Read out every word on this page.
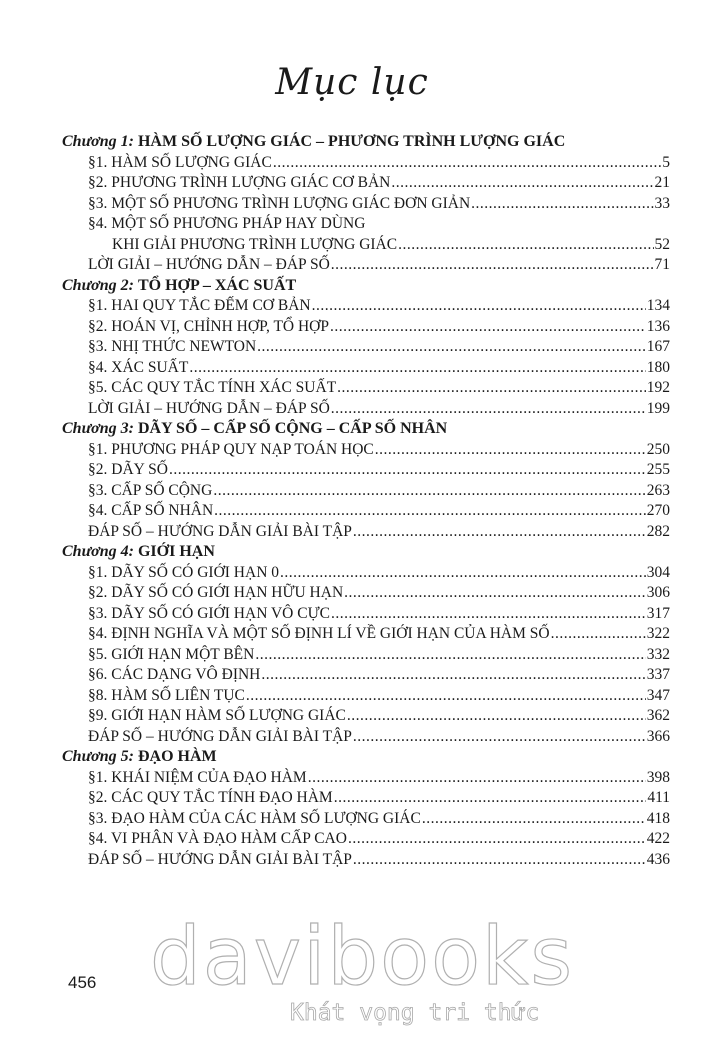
Mục lục
Chương 1:
HÀM SỐ LƯỢNG GIÁC – PHƯƠNG TRÌNH LƯỢNG GIÁC
§1. HÀM SỐ LƯỢNG GIÁC .....	5
§2. PHƯƠNG TRÌNH LƯỢNG GIÁC CƠ BẢN .....	21
§3. MỘT SỐ PHƯƠNG TRÌNH LƯỢNG GIÁC ĐƠN GIẢN .....	33
§4. MỘT SỐ PHƯƠNG PHÁP HAY DÙNG
KHI GIẢI PHƯƠNG TRÌNH LƯỢNG GIÁC .....	52
LỜI GIẢI – HƯỚNG DẪN – ĐÁP SỐ .....	71
Chương 2:
TỔ HỢP – XÁC SUẤT
§1. HAI QUY TẮC ĐẾM CƠ BẢN .....	134
§2. HOÁN VỊ, CHỈNH HỢP, TỔ HỢP .....	136
§3. NHỊ THỨC NEWTON .....	167
§4. XÁC SUẤT .....	180
§5. CÁC QUY TẮC TÍNH XÁC SUẤT .....	192
LỜI GIẢI – HƯỚNG DẪN – ĐÁP SỐ .....	199
Chương 3:
DÃY SỐ – CẤP SỐ CỘNG – CẤP SỐ NHÂN
§1. PHƯƠNG PHÁP QUY NẠP TOÁN HỌC .....	250
§2. DÃY SỐ .....	255
§3. CẤP SỐ CỘNG .....	263
§4. CẤP SỐ NHÂN .....	270
ĐÁP SỐ – HƯỚNG DẪN GIẢI BÀI TẬP .....	282
Chương 4:
GIỚI HẠN
§1. DÃY SỐ CÓ GIỚI HẠN 0 .....	304
§2. DÃY SỐ CÓ GIỚI HẠN HỮU HẠN .....	306
§3. DÃY SỐ CÓ GIỚI HẠN VÔ CỰC .....	317
§4. ĐỊNH NGHĨA VÀ MỘT SỐ ĐỊNH LÍ VỀ GIỚI HẠN CỦA HÀM SỐ .....	322
§5. GIỚI HẠN MỘT BÊN .....	332
§6. CÁC DẠNG VÔ ĐỊNH .....	337
§8. HÀM SỐ LIÊN TỤC .....	347
§9. GIỚI HẠN HÀM SỐ LƯỢNG GIÁC .....	362
ĐÁP SỐ – HƯỚNG DẪN GIẢI BÀI TẬP .....	366
Chương 5:
ĐẠO HÀM
§1. KHÁI NIỆM CỦA ĐẠO HÀM .....	398
§2. CÁC QUY TẮC TÍNH ĐẠO HÀM .....	411
§3. ĐẠO HÀM CỦA CÁC HÀM SỐ LƯỢNG GIÁC .....	418
§4. VI PHÂN VÀ ĐẠO HÀM CẤP CAO .....	422
ĐÁP SỐ – HƯỚNG DẪN GIẢI BÀI TẬP .....	436
456 davibooks
Khát vọng tri thức
